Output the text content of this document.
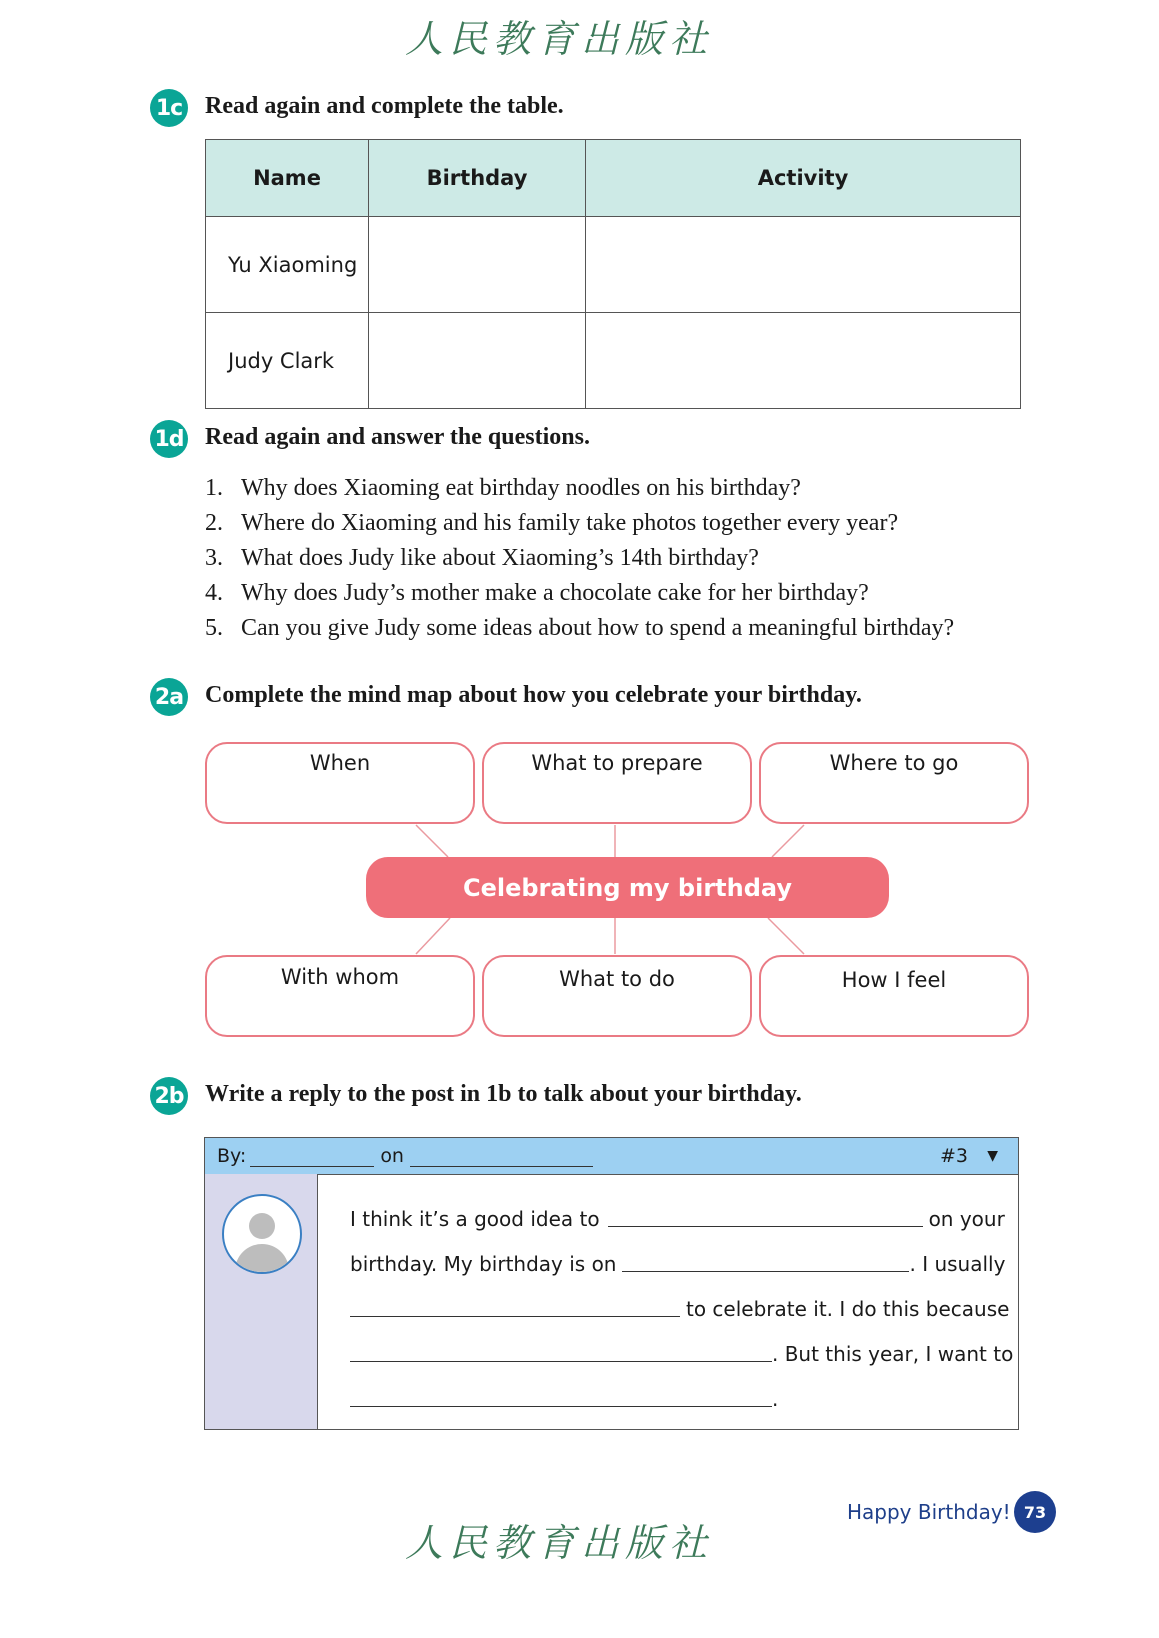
人民教育出版社
1c Read again and complete the table.
Name	Birthday	Activity
Yu Xiaoming		
Judy Clark		
1d Read again and answer the questions.
1. Why does Xiaoming eat birthday noodles on his birthday?
2. Where do Xiaoming and his family take photos together every year?
3. What does Judy like about Xiaoming’s 14th birthday?
4. Why does Judy’s mother make a chocolate cake for her birthday?
5. Can you give Judy some ideas about how to spend a meaningful birthday?
2a Complete the mind map about how you celebrate your birthday.
When	What to prepare	Where to go
Celebrating my birthday
With whom	What to do	How I feel
2b Write a reply to the post in 1b to talk about your birthday.
By:	on	#3 ▼
I think it’s a good idea to	on your
birthday. My birthday is on	. I usually
to celebrate it. I do this because
. But this year, I want to
.
人民教育出版社
Happy Birthday! 73
